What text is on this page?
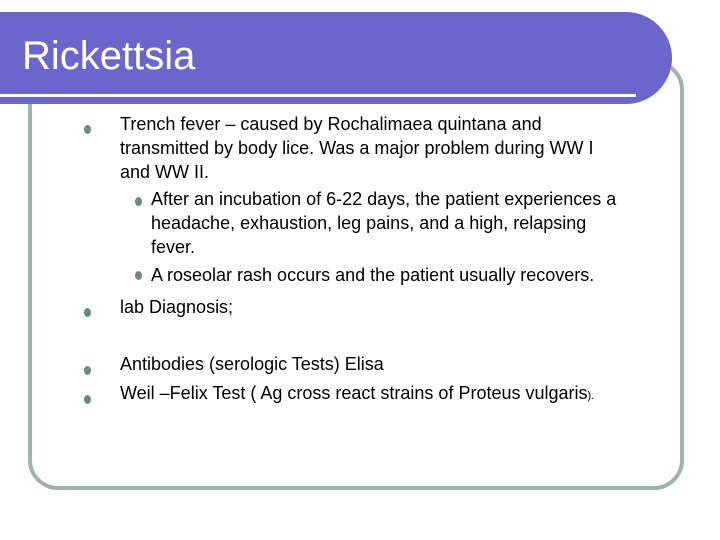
Rickettsia
Trench fever – caused by Rochalimaea quintana and
transmitted by body lice. Was a major problem during WW I
and WW II.
After an incubation of 6-22 days, the patient experiences a
headache, exhaustion, leg pains, and a high, relapsing
fever.
A roseolar rash occurs and the patient usually recovers.
lab Diagnosis;
Antibodies (serologic Tests) Elisa
Weil –Felix Test ( Ag cross react strains of Proteus vulgaris).
